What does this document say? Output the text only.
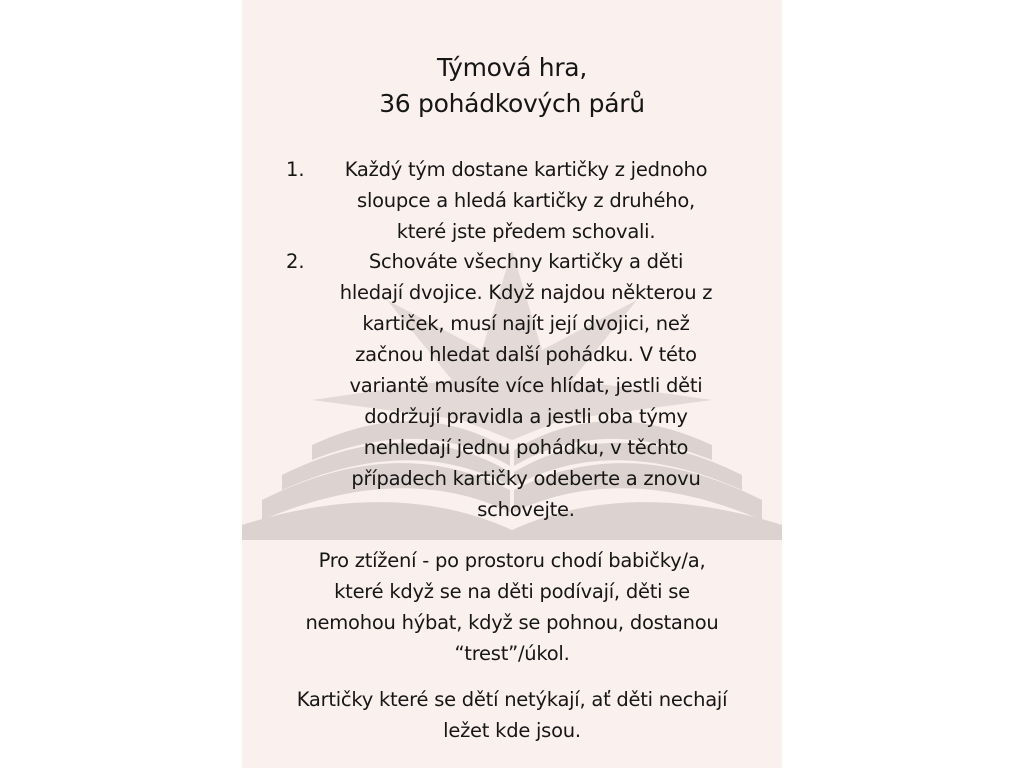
Týmová hra,
36 pohádkových párů
1.	Každý tým dostane kartičky z jednoho
sloupce a hledá kartičky z druhého,
které jste předem schovali.
2.	Schováte všechny kartičky a děti
hledají dvojice. Když najdou některou z
kartiček, musí najít její dvojici, než
začnou hledat další pohádku. V této
variantě musíte více hlídat, jestli děti
dodržují pravidla a jestli oba týmy
nehledají jednu pohádku, v těchto
případech kartičky odeberte a znovu
schovejte.
Pro ztížení - po prostoru chodí babičky/a,
které když se na děti podívají, děti se
nemohou hýbat, když se pohnou, dostanou
“trest”/úkol.
Kartičky které se dětí netýkají, ať děti nechají
ležet kde jsou.
